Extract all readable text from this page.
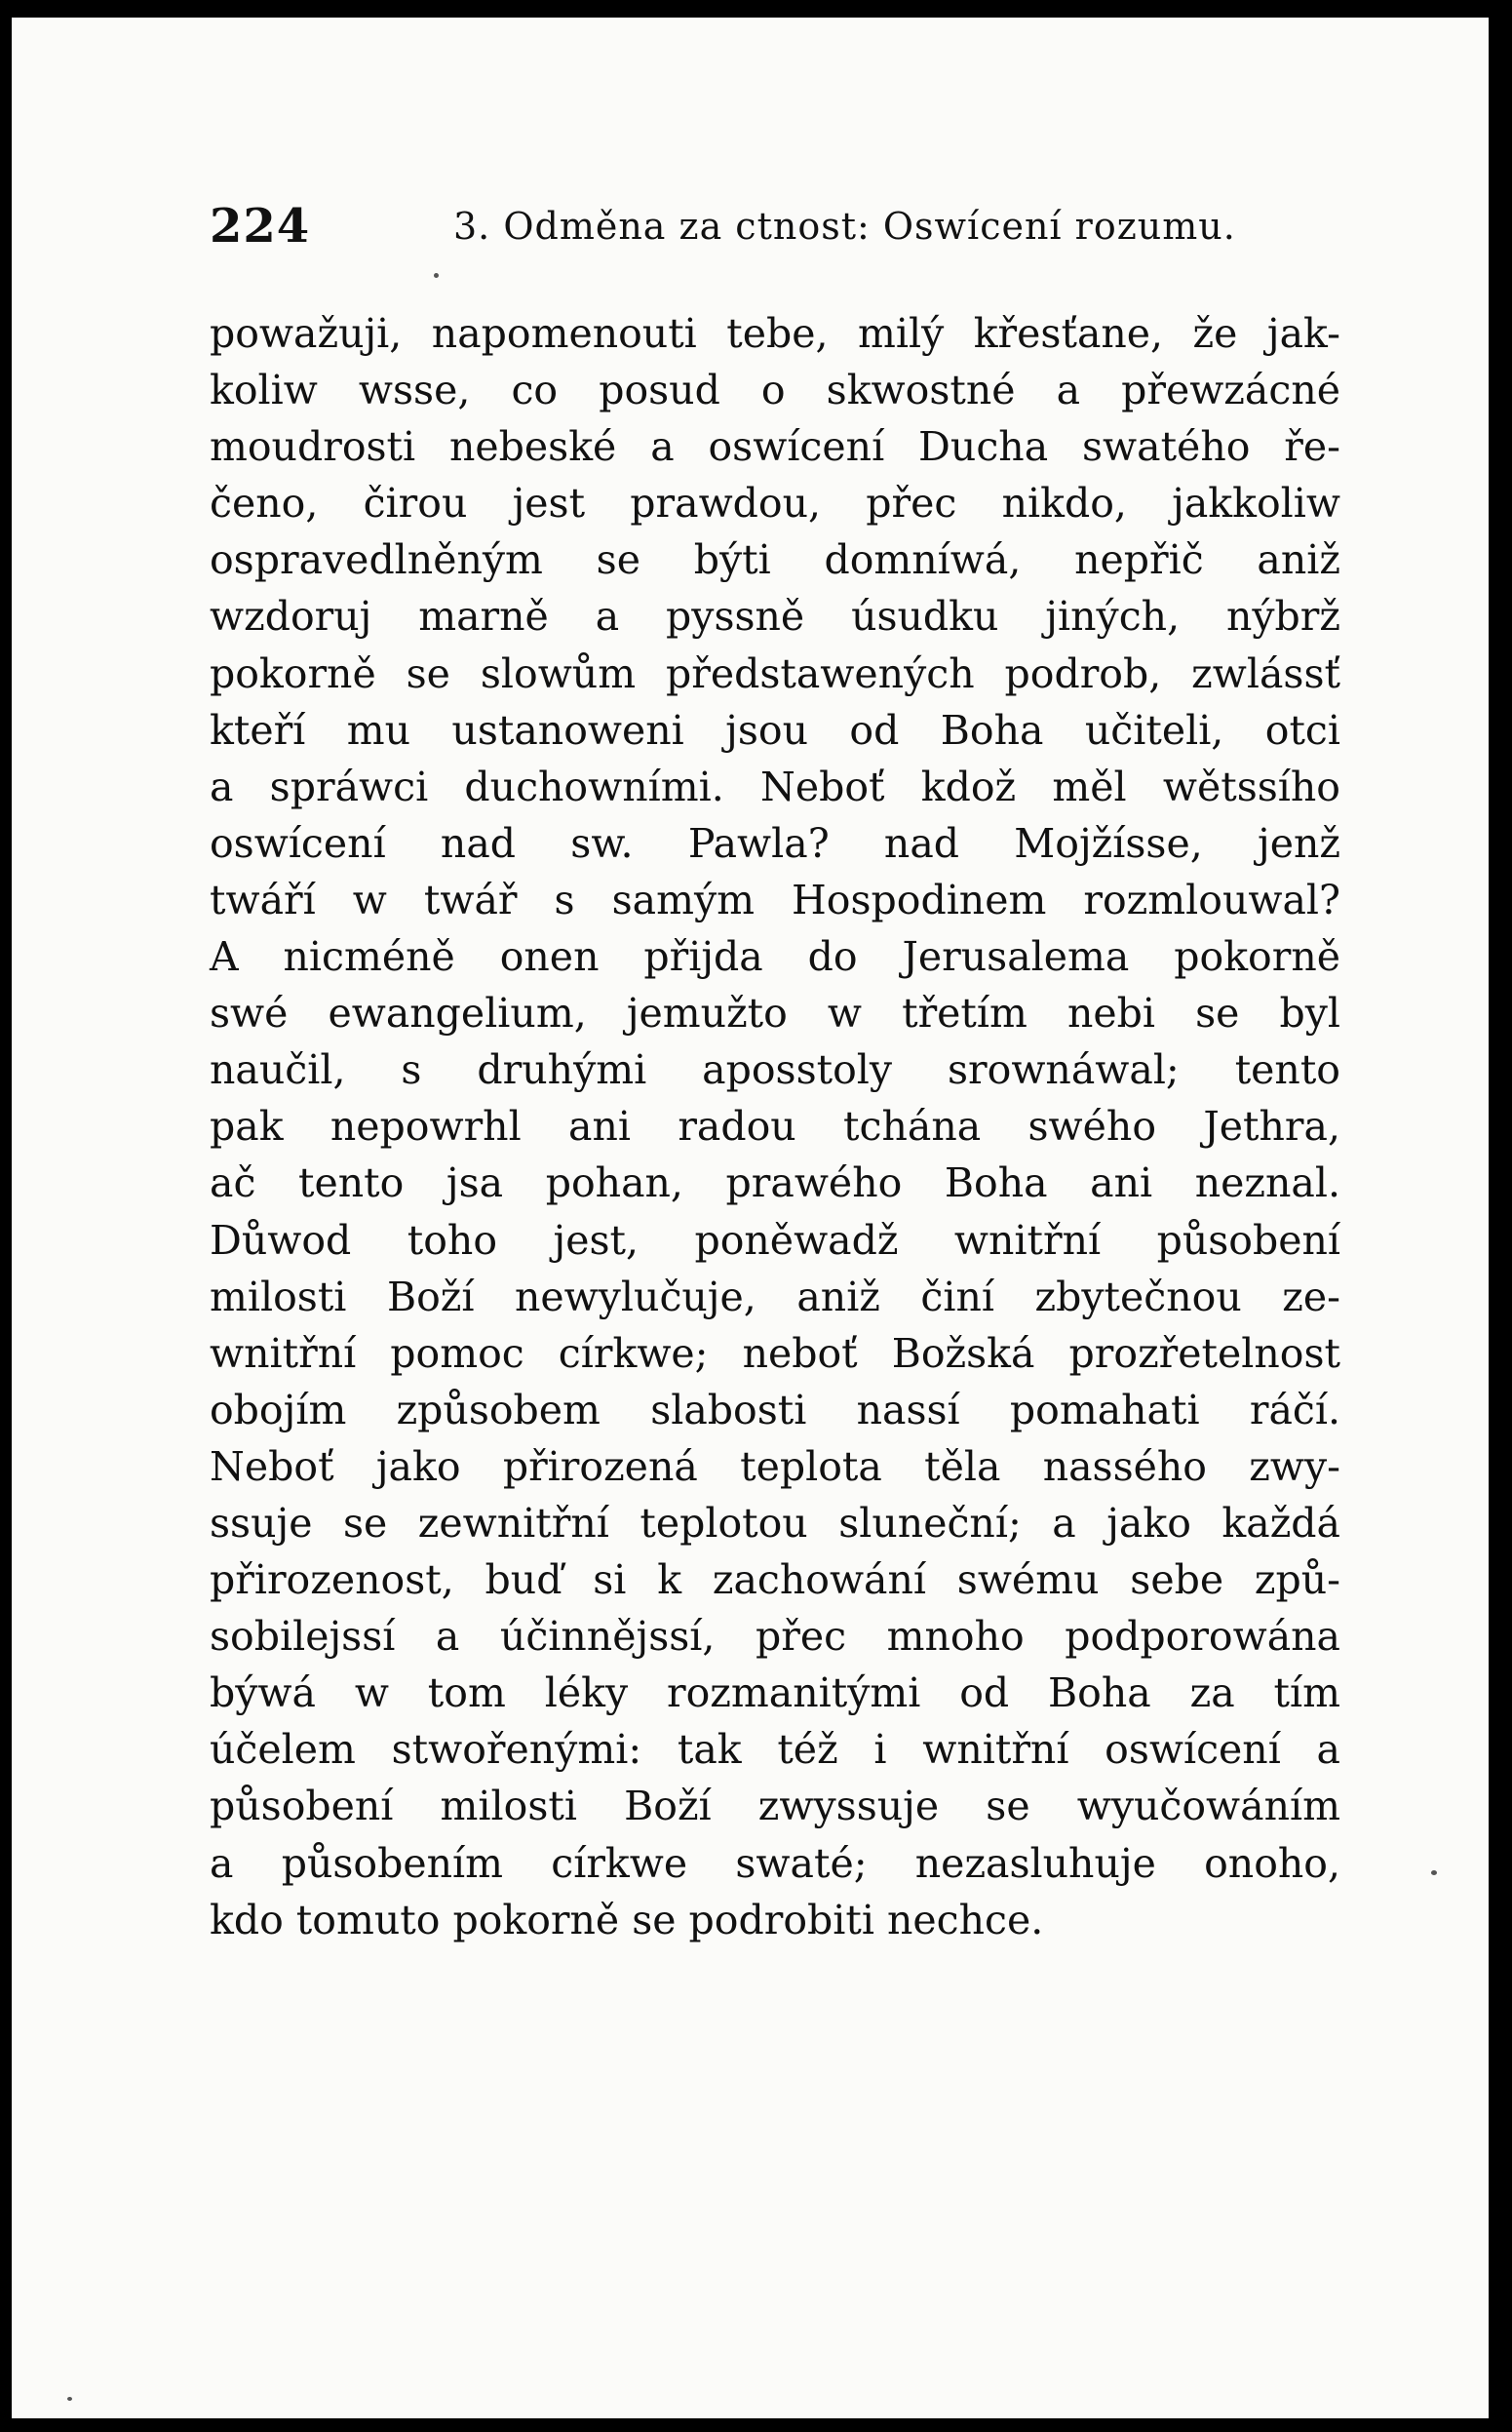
224	3. Odměna za ctnost: Oswícení rozumu.
powažuji, napomenouti tebe, milý křesťane, že jak-
koliw wsse, co posud o skwostné a přewzácné
moudrosti nebeské a oswícení Ducha swatého ře-
čeno, čirou jest prawdou, přec nikdo, jakkoliw
ospravedlněným se býti domníwá, nepřič aniž
wzdoruj marně a pyssně úsudku jiných, nýbrž
pokorně se slowům předstawených podrob, zwlássť
kteří mu ustanoweni jsou od Boha učiteli, otci
a spráwci duchowními. Neboť kdož měl wětssího
oswícení nad sw. Pawla? nad Mojžísse, jenž
twáří w twář s samým Hospodinem rozmlouwal?
A nicméně onen přijda do Jerusalema pokorně
swé ewangelium, jemužto w třetím nebi se byl
naučil, s druhými aposstoly srownáwal; tento
pak nepowrhl ani radou tchána swého Jethra,
ač tento jsa pohan, prawého Boha ani neznal.
Důwod toho jest, poněwadž wnitřní působení
milosti Boží newylučuje, aniž činí zbytečnou ze-
wnitřní pomoc církwe; neboť Božská prozřetelnost
obojím způsobem slabosti nassí pomahati ráčí.
Neboť jako přirozená teplota těla nassého zwy-
ssuje se zewnitřní teplotou sluneční; a jako každá
přirozenost, buď si k zachowání swému sebe způ-
sobilejssí a účinnějssí, přec mnoho podporowána
býwá w tom léky rozmanitými od Boha za tím
účelem stwořenými: tak též i wnitřní oswícení a
působení milosti Boží zwyssuje se wyučowáním
a působením církwe swaté; nezasluhuje onoho,
kdo tomuto pokorně se podrobiti nechce.
